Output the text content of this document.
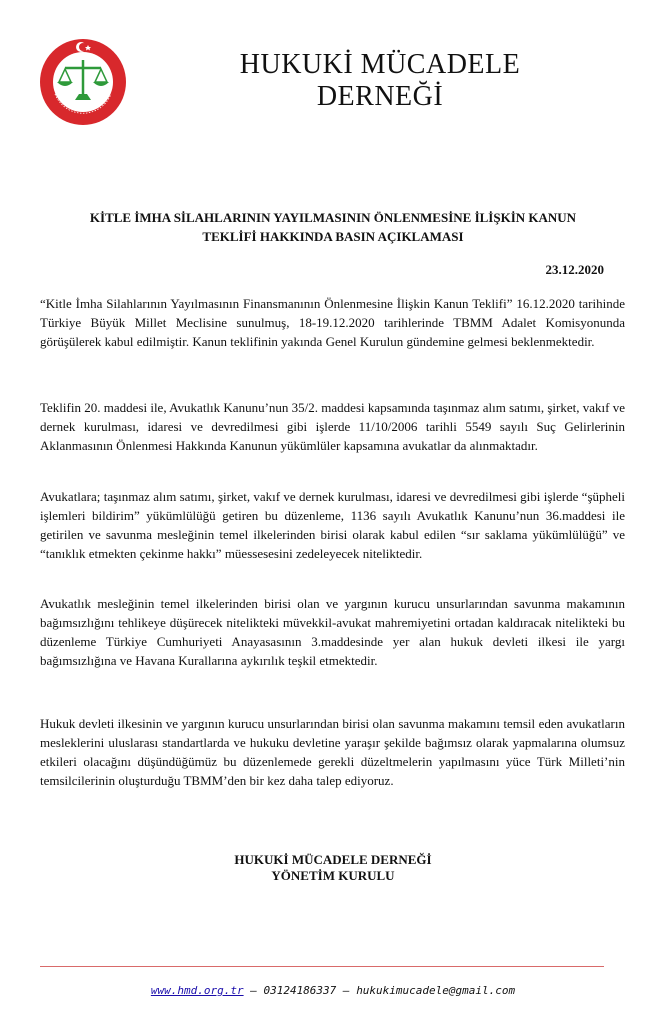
HUKUKİ MÜCADELE
DERNEĞİ
KİTLE İMHA SİLAHLARININ YAYILMASININ ÖNLENMESİNE İLİŞKİN KANUN
TEKLİFİ HAKKINDA BASIN AÇIKLAMASI
23.12.2020
“Kitle İmha Silahlarının Yayılmasının Finansmanının Önlenmesine İlişkin Kanun Teklifi” 16.12.2020 tarihinde Türkiye Büyük Millet Meclisine sunulmuş, 18-19.12.2020 tarihlerinde TBMM Adalet Komisyonunda görüşülerek kabul edilmiştir. Kanun teklifinin yakında Genel Kurulun gündemine gelmesi beklenmektedir.
Teklifin 20. maddesi ile, Avukatlık Kanunu’nun 35/2. maddesi kapsamında taşınmaz alım satımı, şirket, vakıf ve dernek kurulması, idaresi ve devredilmesi gibi işlerde 11/10/2006 tarihli 5549 sayılı Suç Gelirlerinin Aklanmasının Önlenmesi Hakkında Kanunun yükümlüler kapsamına avukatlar da alınmaktadır.
Avukatlara; taşınmaz alım satımı, şirket, vakıf ve dernek kurulması, idaresi ve devredilmesi gibi işlerde “şüpheli işlemleri bildirim” yükümlülüğü getiren bu düzenleme, 1136 sayılı Avukatlık Kanunu’nun 36.maddesi ile getirilen ve savunma mesleğinin temel ilkelerinden birisi olarak kabul edilen “sır saklama yükümlülüğü” ve “tanıklık etmekten çekinme hakkı” müessesesini zedeleyecek niteliktedir.
Avukatlık mesleğinin temel ilkelerinden birisi olan ve yargının kurucu unsurlarından savunma makamının bağımsızlığını tehlikeye düşürecek nitelikteki müvekkil-avukat mahremiyetini ortadan kaldıracak nitelikteki bu düzenleme Türkiye Cumhuriyeti Anayasasının 3.maddesinde yer alan hukuk devleti ilkesi ile yargı bağımsızlığına ve Havana Kurallarına aykırılık teşkil etmektedir.
Hukuk devleti ilkesinin ve yargının kurucu unsurlarından birisi olan savunma makamını temsil eden avukatların mesleklerini uluslarası standartlarda ve hukuku devletine yaraşır şekilde bağımsız olarak yapmalarına olumsuz etkileri olacağını düşündüğümüz bu düzenlemede gerekli düzeltmelerin yapılmasını yüce Türk Milleti’nin temsilcilerinin oluşturduğu TBMM’den bir kez daha talep ediyoruz.
HUKUKİ MÜCADELE DERNEĞİ
YÖNETİM KURULU
www.hmd.org.tr – 03124186337 – hukukimucadele@gmail.com
